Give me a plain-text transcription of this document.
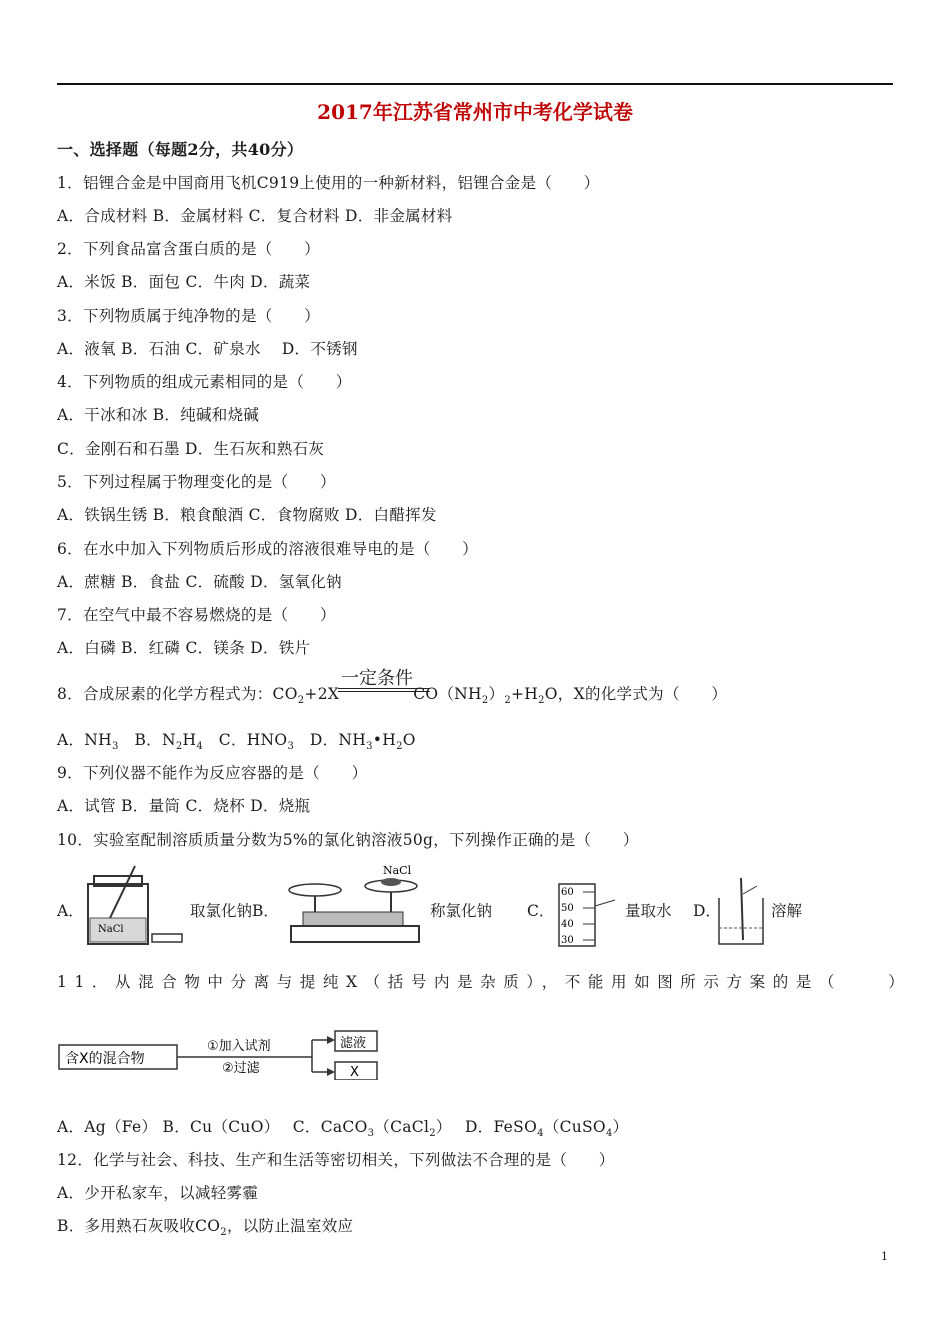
2017年江苏省常州市中考化学试卷
一、选择题（每题2分，共40分）
1．铝锂合金是中国商用飞机C919上使用的一种新材料，铝锂合金是（　　）
A．合成材料 B．金属材料 C．复合材料 D．非金属材料
2．下列食品富含蛋白质的是（　　）
A．米饭 B．面包 C．牛肉 D．蔬菜
3．下列物质属于纯净物的是（　　）
A．液氧 B．石油 C．矿泉水　 D．不锈钢
4．下列物质的组成元素相同的是（　　）
A．干冰和冰 B．纯碱和烧碱
C．金刚石和石墨 D．生石灰和熟石灰
5．下列过程属于物理变化的是（　　）
A．铁锅生锈 B．粮食酿酒 C．食物腐败 D．白醋挥发
6．在水中加入下列物质后形成的溶液很难导电的是（　　）
A．蔗糖 B．食盐 C．硫酸 D．氢氧化钠
7．在空气中最不容易燃烧的是（　　）
A．白磷 B．红磷 C．镁条 D．铁片
8．合成尿素的化学方程式为：$CO_2+2X$	$CO(NH_2)_2+H_2O$，X的化学式为（　　）
一定条件
A．$NH_3$　B．$N_2H_4$　C．$HNO_3$　D．$NH_3•H_2O$
9．下列仪器不能作为反应容器的是（　　）
A．试管 B．量筒 C．烧杯 D．烧瓶
10．实验室配制溶质质量分数为5%的氯化钠溶液50g，下列操作正确的是（　　）
A．
NaCl
取氯化钠B．
NaCl
称氯化钠 C．
60
50
40
30
量取水 D．	溶解
11．从混合物中分离与提纯X（括号内是杂质），不能用如图所示方案的是（　　）
含X的混合物
①加入试剂
②过滤
滤液
X
A．Ag（Fe） B．Cu（CuO）　 C．CaCO$_3$（CaCl$_2$）　 D．FeSO$_4$（CuSO$_4$）
12．化学与社会、科技、生产和生活等密切相关，下列做法不合理的是（　　）
A．少开私家车，以减轻雾霾
B．多用熟石灰吸收$CO_2$，以防止温室效应
1
